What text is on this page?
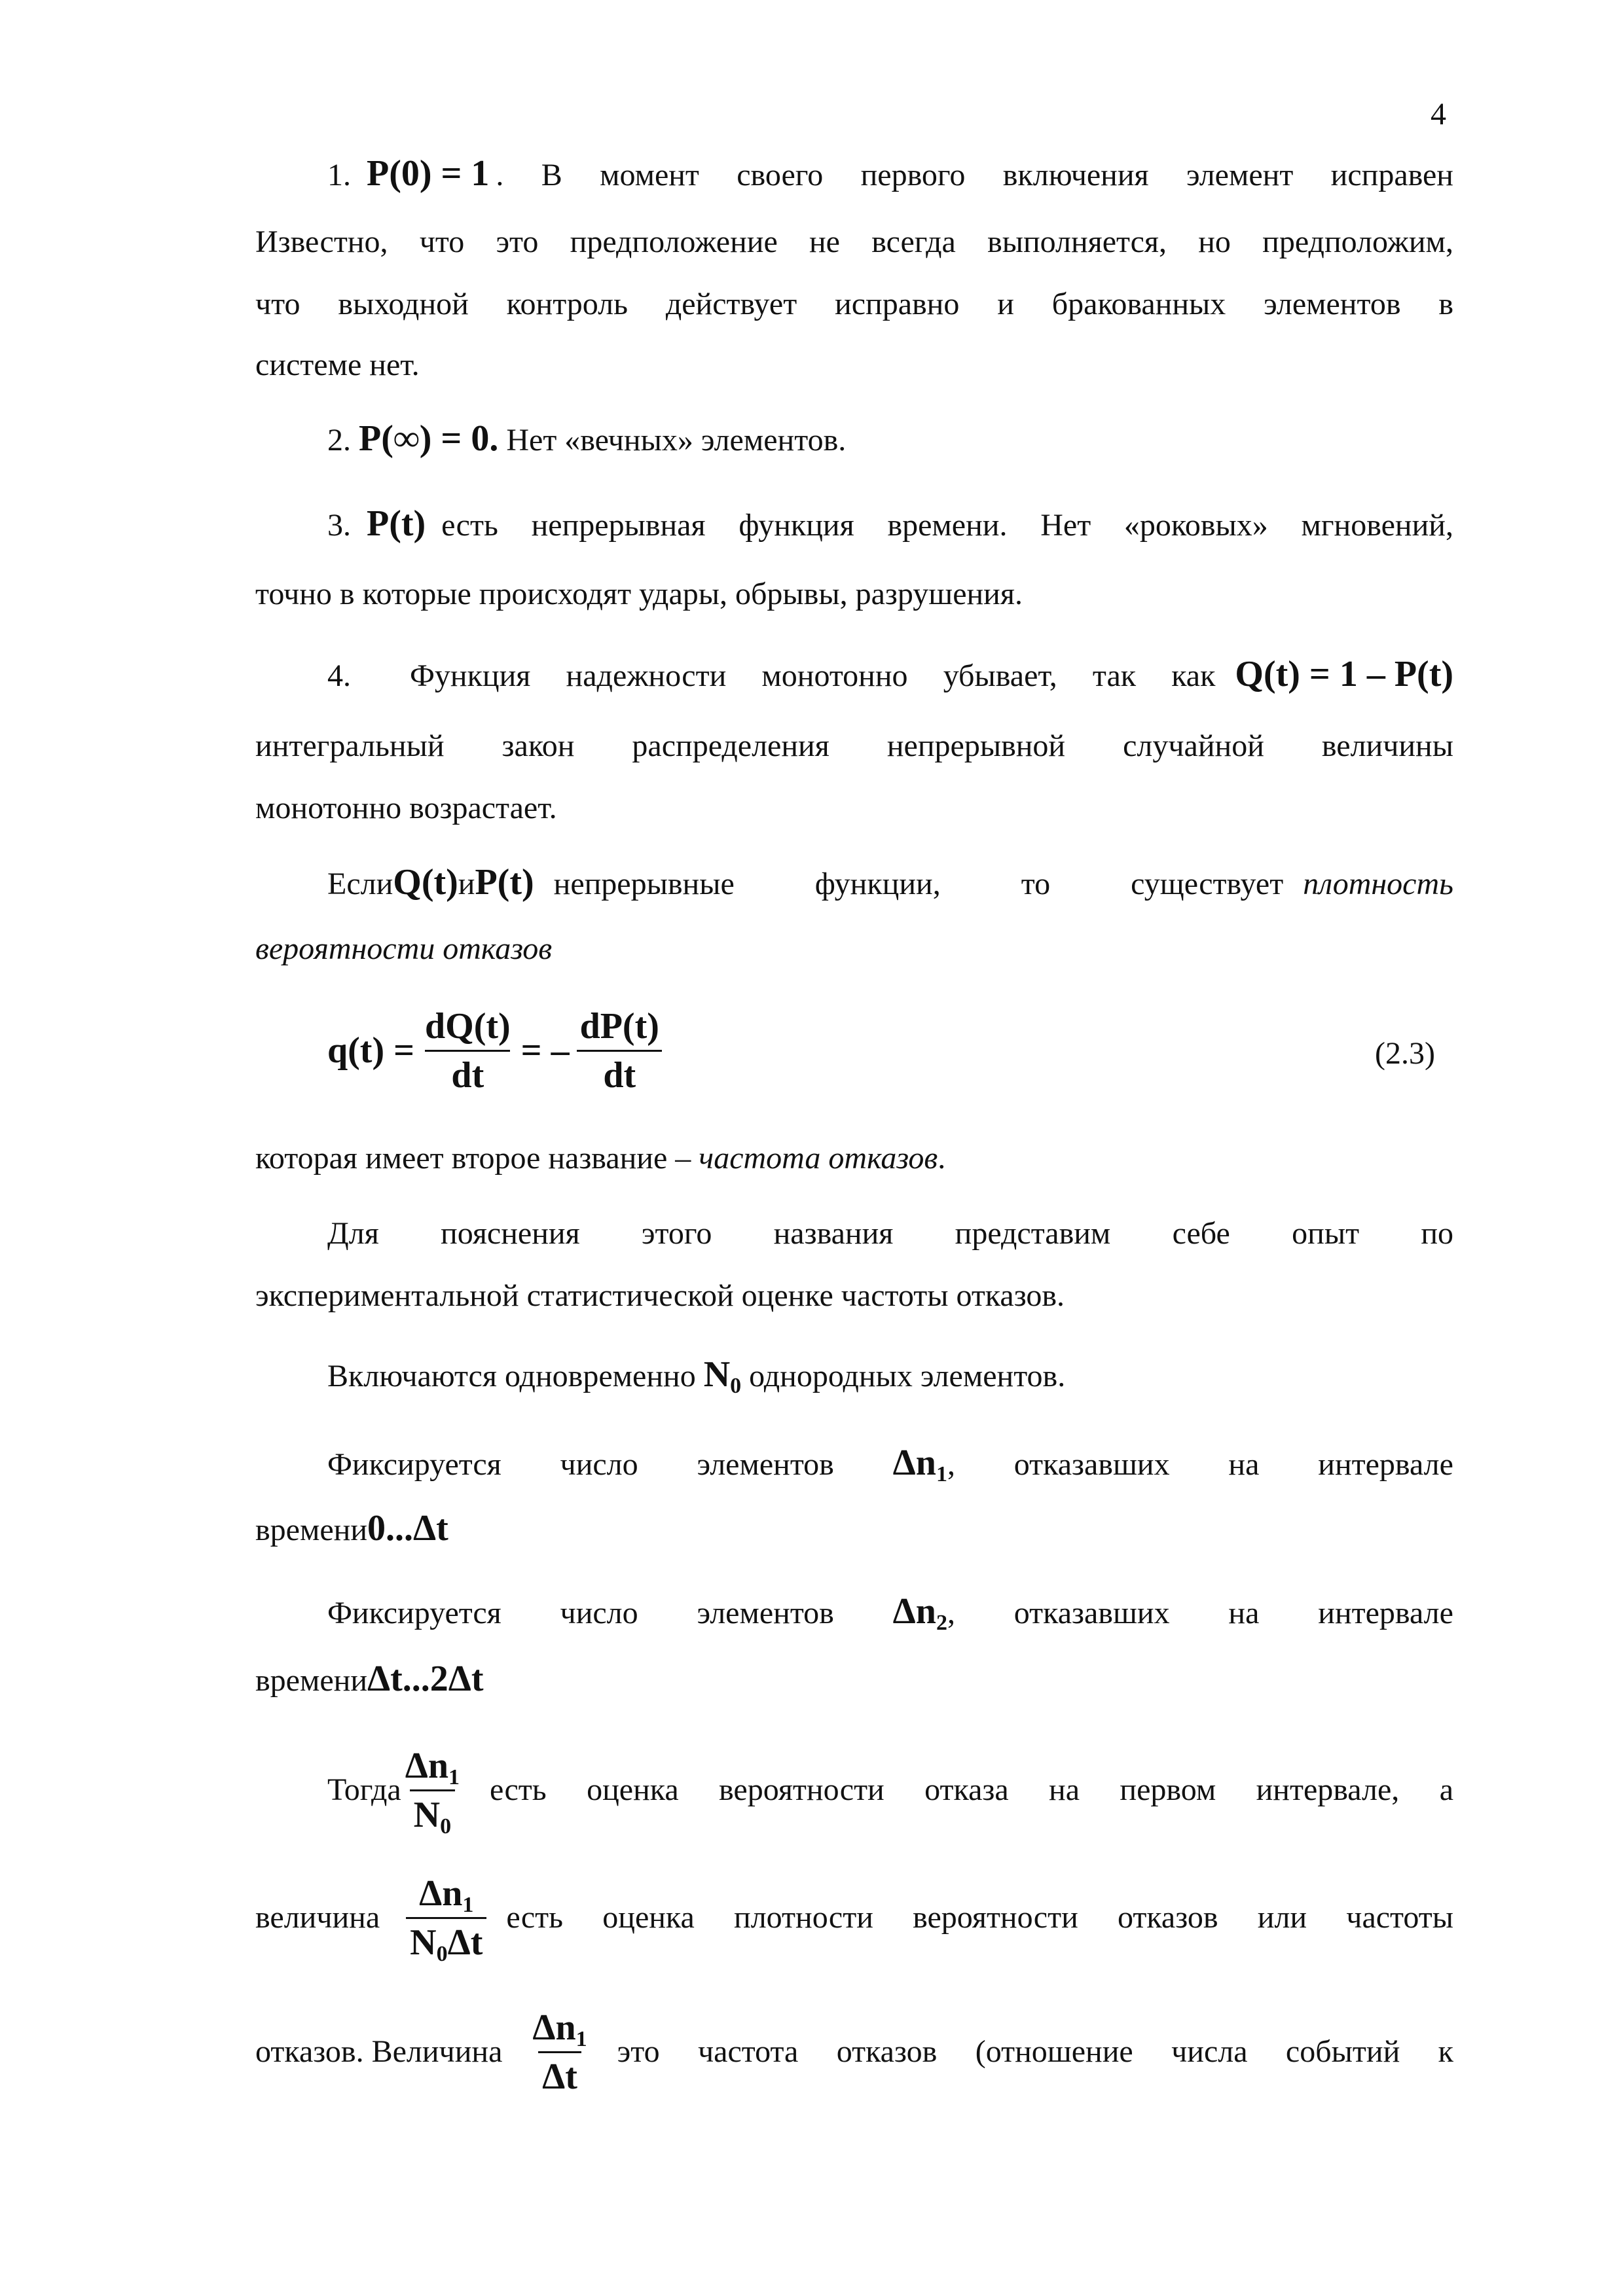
4
1. P(0) = 1 . В момент своего первого включения элемент исправен
Известно, что это предположение не всегда выполняется, но предположим,
что выходной контроль действует исправно и бракованных элементов в
системе нет.
2. P(∞) = 0. Нет «вечных» элементов.
3. P(t) есть непрерывная функция времени. Нет «роковых» мгновений,
точно в которые происходят удары, обрывы, разрушения.
4. Функция надежности монотонно убывает, так как Q(t) = 1 – P(t)
интегральный закон распределения непрерывной случайной величины
монотонно возрастает.
Если Q(t) и P(t) непрерывные функции, то существует плотность
вероятности отказов
$q(t) = \frac{dQ(t)}{dt}$ = – $\frac{dP(t)}{dt}$	(2.3)
которая имеет второе название – частота отказов.
Для пояснения этого названия представим себе опыт по
экспериментальной статистической оценке частоты отказов.
Включаются одновременно $N_0$ однородных элементов.
Фиксируется число элементов $\Delta n_1$, отказавших на интервале
времени0...Δt
Фиксируется число элементов $\Delta n_2$, отказавших на интервале
времениΔt...2Δt
Тогда $\frac{\Delta n_1}{N_0}$ есть оценка вероятности отказа на первом интервале, а
величина $\frac{\Delta n_1}{N_0\Delta t}$ есть оценка плотности вероятности отказов или частоты
отказов. Величина $\frac{\Delta n_1}{\Delta t}$ это частота отказов (отношение числа событий к
